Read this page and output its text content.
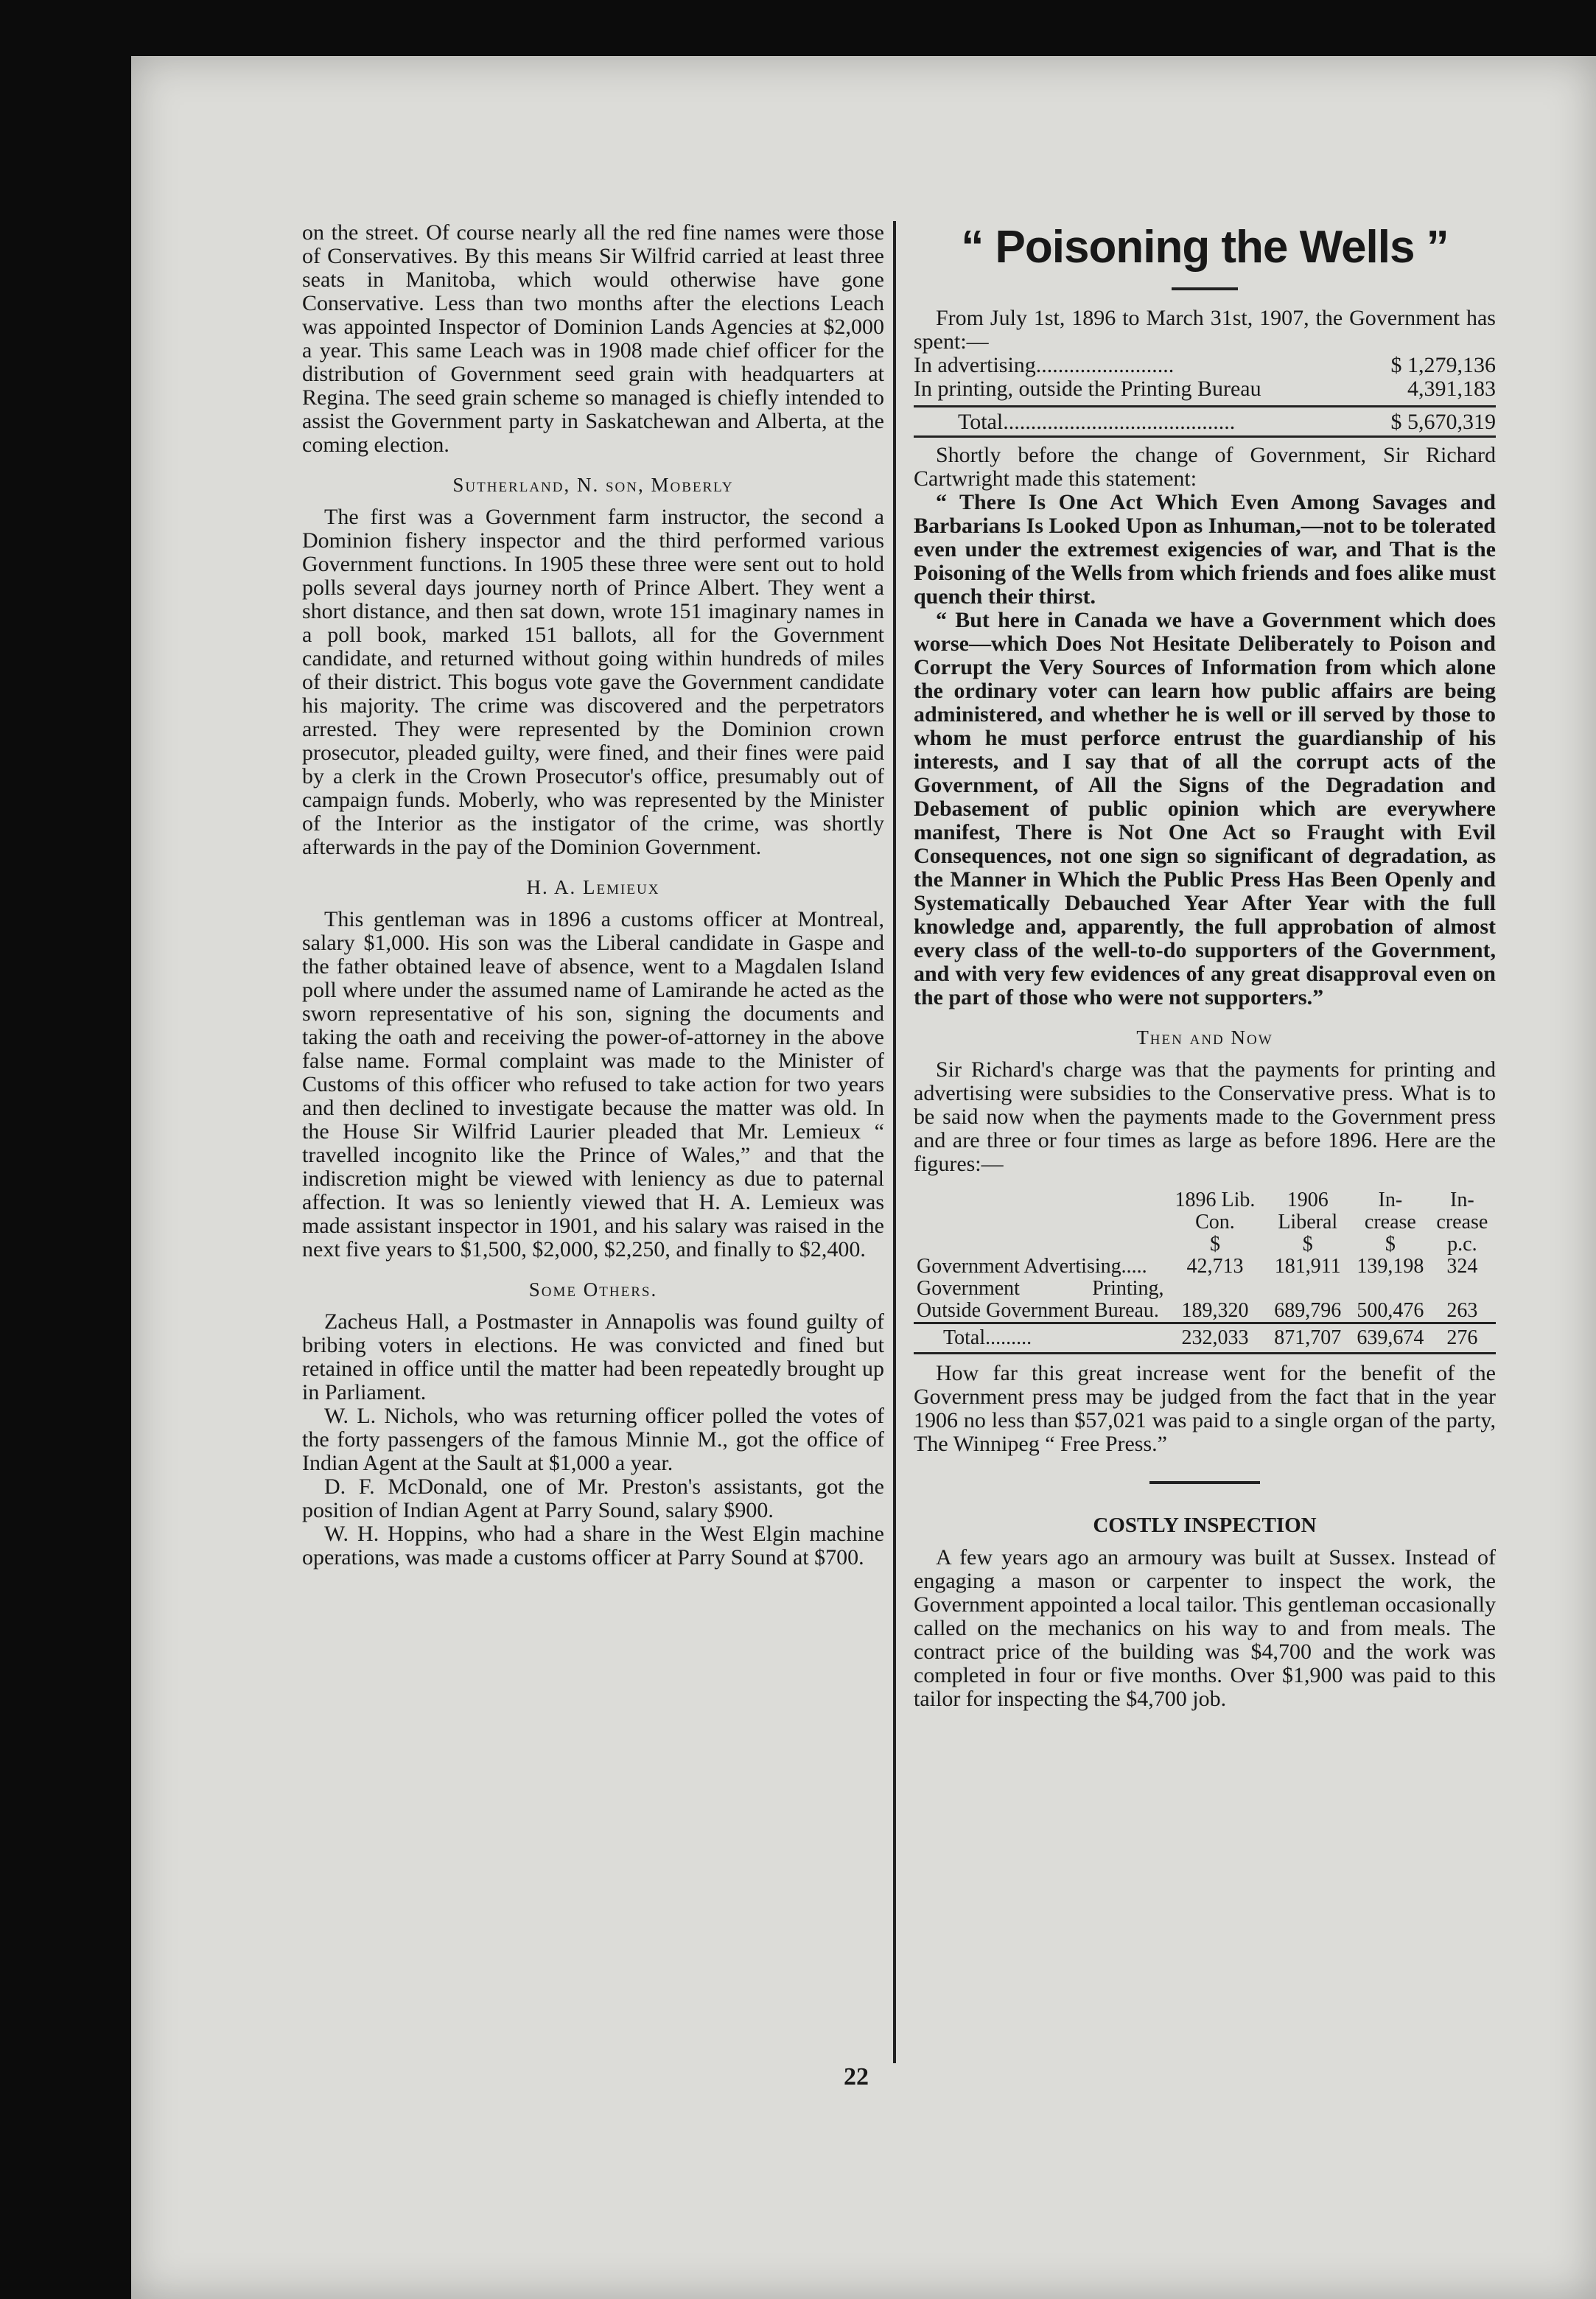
on the street. Of course nearly all the red fine names were those of Conservatives. By this means Sir Wilfrid carried at least three seats in Manitoba, which would otherwise have gone Conservative. Less than two months after the elections Leach was appointed Inspector of Dominion Lands Agencies at $2,000 a year. This same Leach was in 1908 made chief officer for the distribution of Government seed grain with headquarters at Regina. The seed grain scheme so managed is chiefly intended to assist the Government party in Saskatchewan and Alberta, at the coming election.

Sutherland, N. son, Moberly

The first was a Government farm instructor, the second a Dominion fishery inspector and the third performed various Government functions. In 1905 these three were sent out to hold polls several days journey north of Prince Albert. They went a short distance, and then sat down, wrote 151 imaginary names in a poll book, marked 151 ballots, all for the Government candidate, and returned without going within hundreds of miles of their district. This bogus vote gave the Government candidate his majority. The crime was discovered and the perpetrators arrested. They were represented by the Dominion crown prosecutor, pleaded guilty, were fined, and their fines were paid by a clerk in the Crown Prosecutor's office, presumably out of campaign funds. Moberly, who was represented by the Minister of the Interior as the instigator of the crime, was shortly afterwards in the pay of the Dominion Government.

H. A. Lemieux

This gentleman was in 1896 a customs officer at Montreal, salary $1,000. His son was the Liberal candidate in Gaspe and the father obtained leave of absence, went to a Magdalen Island poll where under the assumed name of Lamirande he acted as the sworn representative of his son, signing the documents and taking the oath and receiving the power-of-attorney in the above false name. Formal complaint was made to the Minister of Customs of this officer who refused to take action for two years and then declined to investigate because the matter was old. In the House Sir Wilfrid Laurier pleaded that Mr. Lemieux “ travelled incognito like the Prince of Wales,” and that the indiscretion might be viewed with leniency as due to paternal affection. It was so leniently viewed that H. A. Lemieux was made assistant inspector in 1901, and his salary was raised in the next five years to $1,500, $2,000, $2,250, and finally to $2,400.

Some Others.

Zacheus Hall, a Postmaster in Annapolis was found guilty of bribing voters in elections. He was convicted and fined but retained in office until the matter had been repeatedly brought up in Parliament.

W. L. Nichols, who was returning officer polled the votes of the forty passengers of the famous Minnie M., got the office of Indian Agent at the Sault at $1,000 a year.

D. F. McDonald, one of Mr. Preston's assistants, got the position of Indian Agent at Parry Sound, salary $900.

W. H. Hoppins, who had a share in the West Elgin machine operations, was made a customs officer at Parry Sound at $700.

“ Poisoning the Wells ”

From July 1st, 1896 to March 31st, 1907, the Government has spent:—

In advertising.........................	$ 1,279,136
In printing, outside the Printing Bureau	4,391,183
Total..........................................	$ 5,670,319

Shortly before the change of Government, Sir Richard Cartwright made this statement:

“ There Is One Act Which Even Among Savages and Barbarians Is Looked Upon as Inhuman,—not to be tolerated even under the extremest exigencies of war, and That is the Poisoning of the Wells from which friends and foes alike must quench their thirst.

“ But here in Canada we have a Government which does worse—which Does Not Hesitate Deliberately to Poison and Corrupt the Very Sources of Information from which alone the ordinary voter can learn how public affairs are being administered, and whether he is well or ill served by those to whom he must perforce entrust the guardianship of his interests, and I say that of all the corrupt acts of the Government, of All the Signs of the Degradation and Debasement of public opinion which are everywhere manifest, There is Not One Act so Fraught with Evil Consequences, not one sign so significant of degradation, as the Manner in Which the Public Press Has Been Openly and Systematically Debauched Year After Year with the full knowledge and, apparently, the full approbation of almost every class of the well-to-do supporters of the Government, and with very few evidences of any great disapproval even on the part of those who were not supporters.”

Then and Now

Sir Richard's charge was that the payments for printing and advertising were subsidies to the Conservative press. What is to be said now when the payments made to the Government press and are three or four times as large as before 1896. Here are the figures:—

	1896 Lib. Con.	1906 Liberal	In-crease	In-crease
	$	$	$	p.c.
Government Advertising.....	42,713	181,911	139,198	324
Government Printing, Outside Government Bureau.	189,320	689,796	500,476	263
Total.........	232,033	871,707	639,674	276

How far this great increase went for the benefit of the Government press may be judged from the fact that in the year 1906 no less than $57,021 was paid to a single organ of the party, The Winnipeg “ Free Press.”

COSTLY INSPECTION

A few years ago an armoury was built at Sussex. Instead of engaging a mason or carpenter to inspect the work, the Government appointed a local tailor. This gentleman occasionally called on the mechanics on his way to and from meals. The contract price of the building was $4,700 and the work was completed in four or five months. Over $1,900 was paid to this tailor for inspecting the $4,700 job.

22
